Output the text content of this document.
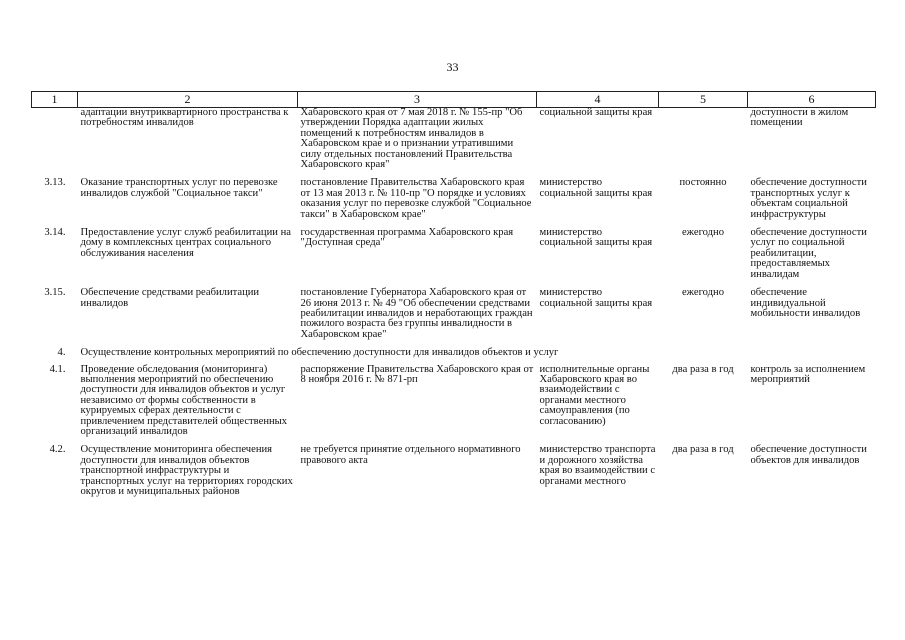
33
1	2	3	4	5	6
	адаптации внутриквартирного пространства к потребностям инвалидов	Хабаровского края от 7 мая 2018 г. № 155-пр "Об утверждении Порядка адаптации жилых помещений к потребностям инвалидов в Хабаровском крае и о признании утратившими силу отдельных постановлений Правительства Хабаровского края"	социальной защиты края		доступности в жилом помещении
3.13.	Оказание транспортных услуг по перевозке инвалидов службой "Социальное такси"	постановление Правительства Хабаровского края от 13 мая 2013 г. № 110-пр "О порядке и условиях оказания услуг по перевозке службой "Социальное такси" в Хабаровском крае"	министерство социальной защиты края	постоянно	обеспечение доступности транспортных услуг к объектам социальной инфраструктуры
3.14.	Предоставление услуг служб реабилитации на дому в комплексных центрах социального обслуживания населения	государственная программа Хабаровского края "Доступная среда"	министерство социальной защиты края	ежегодно	обеспечение доступности услуг по социальной реабилитации, предоставляемых инвалидам
3.15.	Обеспечение средствами реабилитации инвалидов	постановление Губернатора Хабаровского края от 26 июня 2013 г. № 49 "Об обеспечении средствами реабилитации инвалидов и неработающих граждан пожилого возраста без группы инвалидности в Хабаровском крае"	министерство социальной защиты края	ежегодно	обеспечение индивидуальной мобильности инвалидов
4.	Осуществление контрольных мероприятий по обеспечению доступности для инвалидов объектов и услуг				
4.1.	Проведение обследования (мониторинга) выполнения мероприятий по обеспечению доступности для инвалидов объектов и услуг независимо от формы собственности в курируемых сферах деятельности с привлечением представителей общественных организаций инвалидов	распоряжение Правительства Хабаровского края от 8 ноября 2016 г. № 871-рп	исполнительные органы Хабаровского края во взаимодействии с органами местного самоуправления (по согласованию)	два раза в год	контроль за исполнением мероприятий
4.2.	Осуществление мониторинга обеспечения доступности для инвалидов объектов транспортной инфраструктуры и транспортных услуг на территориях городских округов и муниципальных районов	не требуется принятие отдельного нормативного правового акта	министерство транспорта и дорожного хозяйства края во взаимодействии с органами местного	два раза в год	обеспечение доступности объектов для инвалидов
